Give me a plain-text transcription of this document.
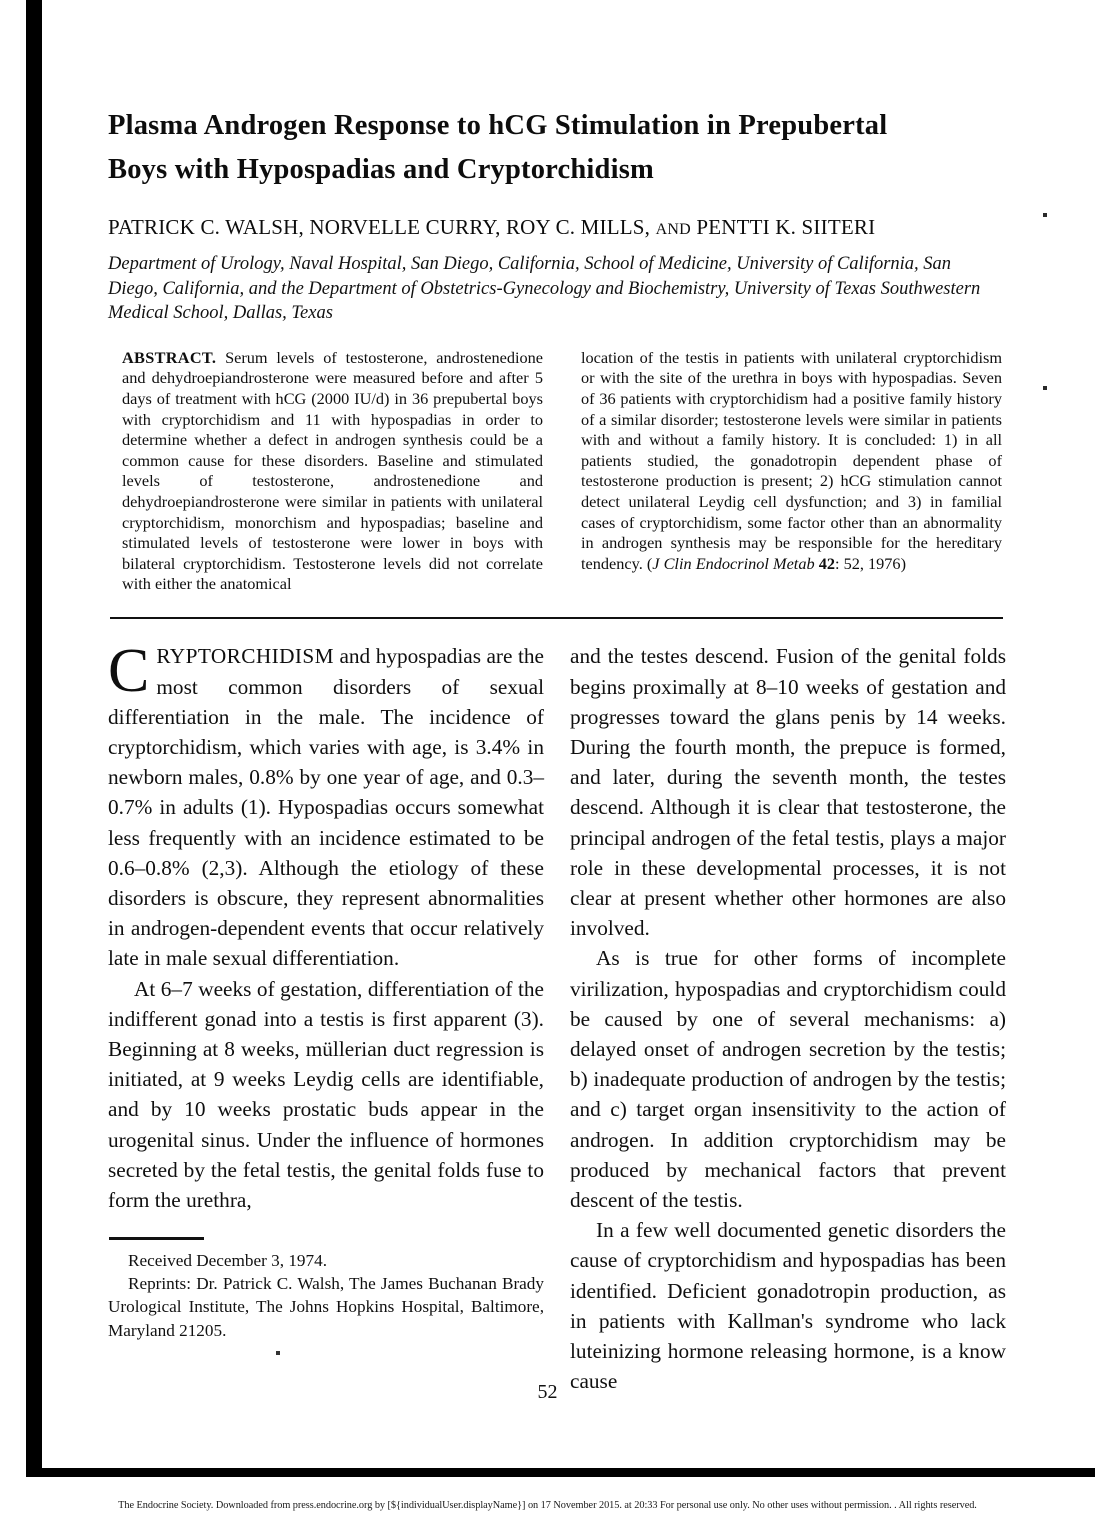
Plasma Androgen Response to hCG Stimulation in Prepubertal
Boys with Hypospadias and Cryptorchidism
PATRICK C. WALSH, NORVELLE CURRY, ROY C. MILLS, AND PENTTI K. SIITERI
Department of Urology, Naval Hospital, San Diego, California, School of Medicine, University of California, San Diego, California, and the Department of Obstetrics-Gynecology and Biochemistry, University of Texas Southwestern Medical School, Dallas, Texas
ABSTRACT. Serum levels of testosterone, androstenedione and dehydroepiandrosterone were measured before and after 5 days of treatment with hCG (2000 IU/d) in 36 prepubertal boys with cryptorchidism and 11 with hypospadias in order to determine whether a defect in androgen synthesis could be a common cause for these disorders. Baseline and stimulated levels of testosterone, androstenedione and dehydroepiandrosterone were similar in patients with unilateral cryptorchidism, monorchism and hypospadias; baseline and stimulated levels of testosterone were lower in boys with bilateral cryptorchidism. Testosterone levels did not correlate with either the anatomical
location of the testis in patients with unilateral cryptorchidism or with the site of the urethra in boys with hypospadias. Seven of 36 patients with cryptorchidism had a positive family history of a similar disorder; testosterone levels were similar in patients with and without a family history. It is concluded: 1) in all patients studied, the gonadotropin dependent phase of testosterone production is present; 2) hCG stimulation cannot detect unilateral Leydig cell dysfunction; and 3) in familial cases of cryptorchidism, some factor other than an abnormality in androgen synthesis may be responsible for the hereditary tendency. (J Clin Endocrinol Metab 42: 52, 1976)

CRYPTORCHIDISM and hypospadias are the most common disorders of sexual differentiation in the male. The incidence of cryptorchidism, which varies with age, is 3.4% in newborn males, 0.8% by one year of age, and 0.3–0.7% in adults (1). Hypospadias occurs somewhat less frequently with an incidence estimated to be 0.6–0.8% (2,3). Although the etiology of these disorders is obscure, they represent abnormalities in androgen-dependent events that occur relatively late in male sexual differentiation.

At 6–7 weeks of gestation, differentiation of the indifferent gonad into a testis is first apparent (3). Beginning at 8 weeks, müllerian duct regression is initiated, at 9 weeks Leydig cells are identifiable, and by 10 weeks prostatic buds appear in the urogenital sinus. Under the influence of hormones secreted by the fetal testis, the genital folds fuse to form the urethra,

Received December 3, 1974.

Reprints: Dr. Patrick C. Walsh, The James Buchanan Brady Urological Institute, The Johns Hopkins Hospital, Baltimore, Maryland 21205.

and the testes descend. Fusion of the genital folds begins proximally at 8–10 weeks of gestation and progresses toward the glans penis by 14 weeks. During the fourth month, the prepuce is formed, and later, during the seventh month, the testes descend. Although it is clear that testosterone, the principal androgen of the fetal testis, plays a major role in these developmental processes, it is not clear at present whether other hormones are also involved.

As is true for other forms of incomplete virilization, hypospadias and cryptorchidism could be caused by one of several mechanisms: a) delayed onset of androgen secretion by the testis; b) inadequate production of androgen by the testis; and c) target organ insensitivity to the action of androgen. In addition cryptorchidism may be produced by mechanical factors that prevent descent of the testis.

In a few well documented genetic disorders the cause of cryptorchidism and hypospadias has been identified. Deficient gonadotropin production, as in patients with Kallman's syndrome who lack luteinizing hormone releasing hormone, is a know cause

52
The Endocrine Society. Downloaded from press.endocrine.org by [${individualUser.displayName}] on 17 November 2015. at 20:33 For personal use only. No other uses without permission. . All rights reserved.
